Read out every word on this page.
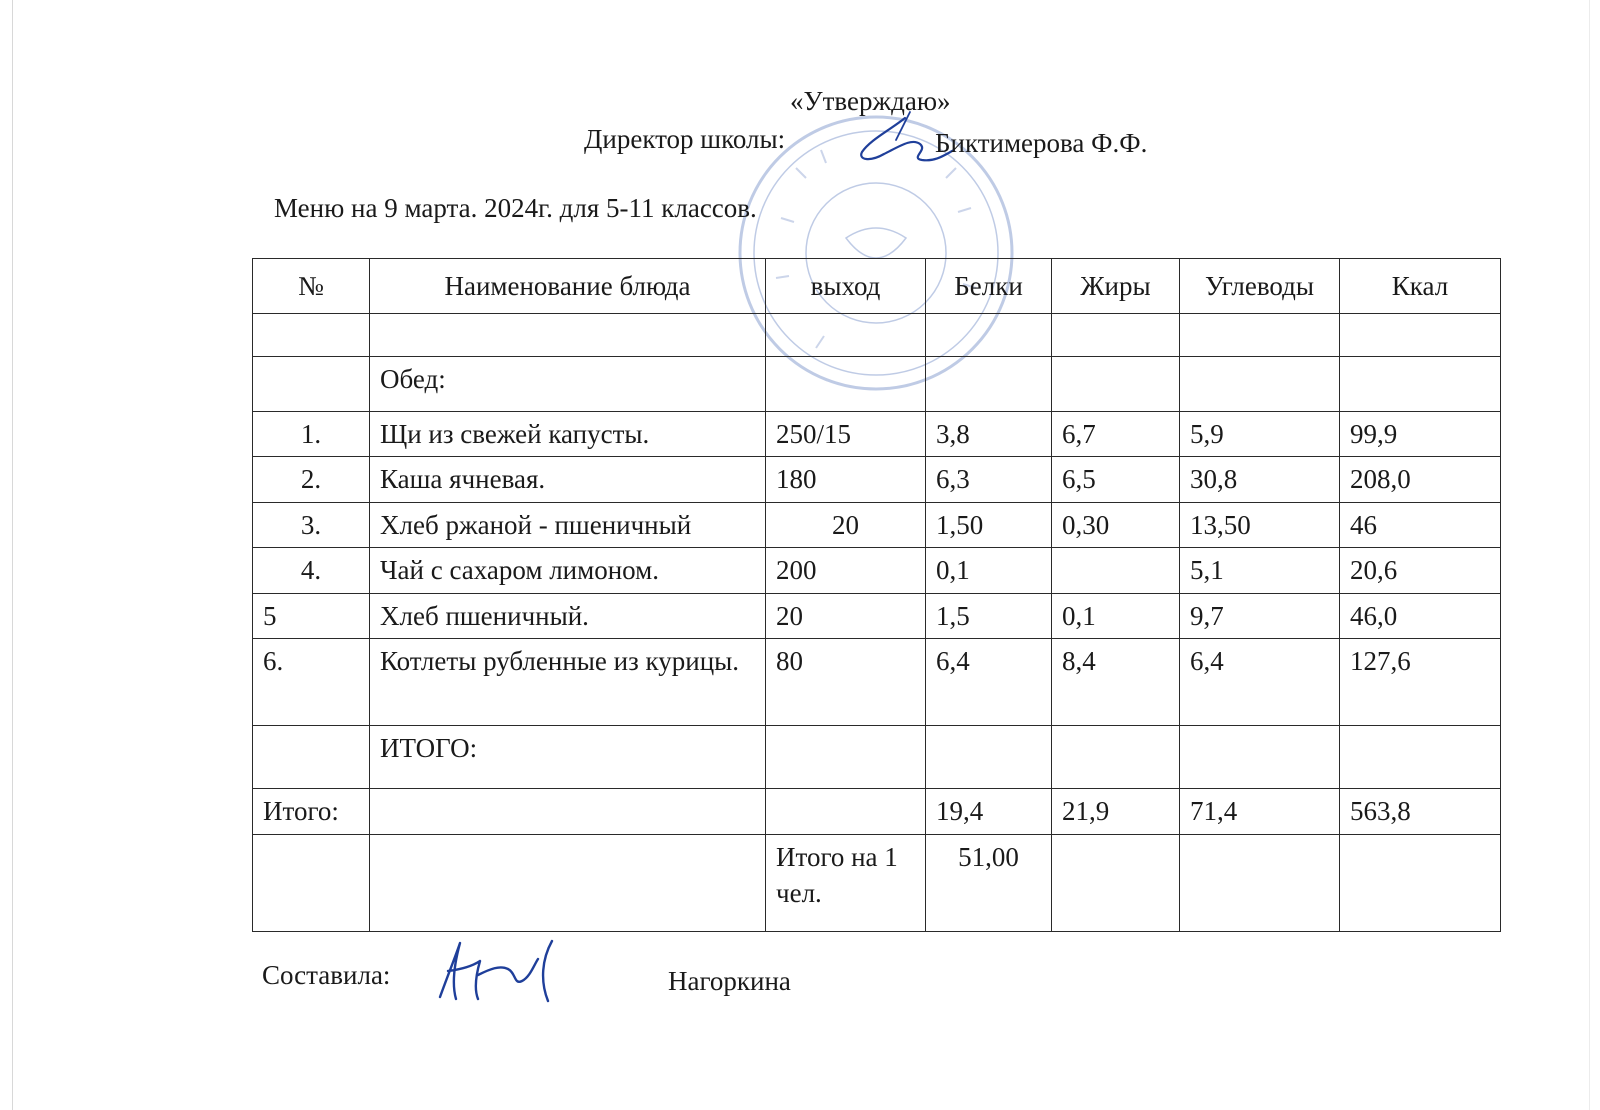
«Утверждаю»
Директор школы:	Биктимерова Ф.Ф.
Меню на 9 марта. 2024г. для 5-11 классов.
№	Наименование блюда	выход	Белки	Жиры	Углеводы	Ккал

	Обед:					
1.	Щи из свежей капусты.	250/15	3,8	6,7	5,9	99,9
2.	Каша ячневая.	180	6,3	6,5	30,8	208,0
3.	Хлеб ржаной - пшеничный	20	1,50	0,30	13,50	46
4.	Чай с сахаром лимоном.	200	0,1		5,1	20,6
5	Хлеб пшеничный.	20	1,5	0,1	9,7	46,0
6.	Котлеты рубленные из курицы.	80	6,4	8,4	6,4	127,6
	ИТОГО:					
Итого:			19,4	21,9	71,4	563,8
		Итого на 1 чел.	51,00			
Составила:	Нагоркина
